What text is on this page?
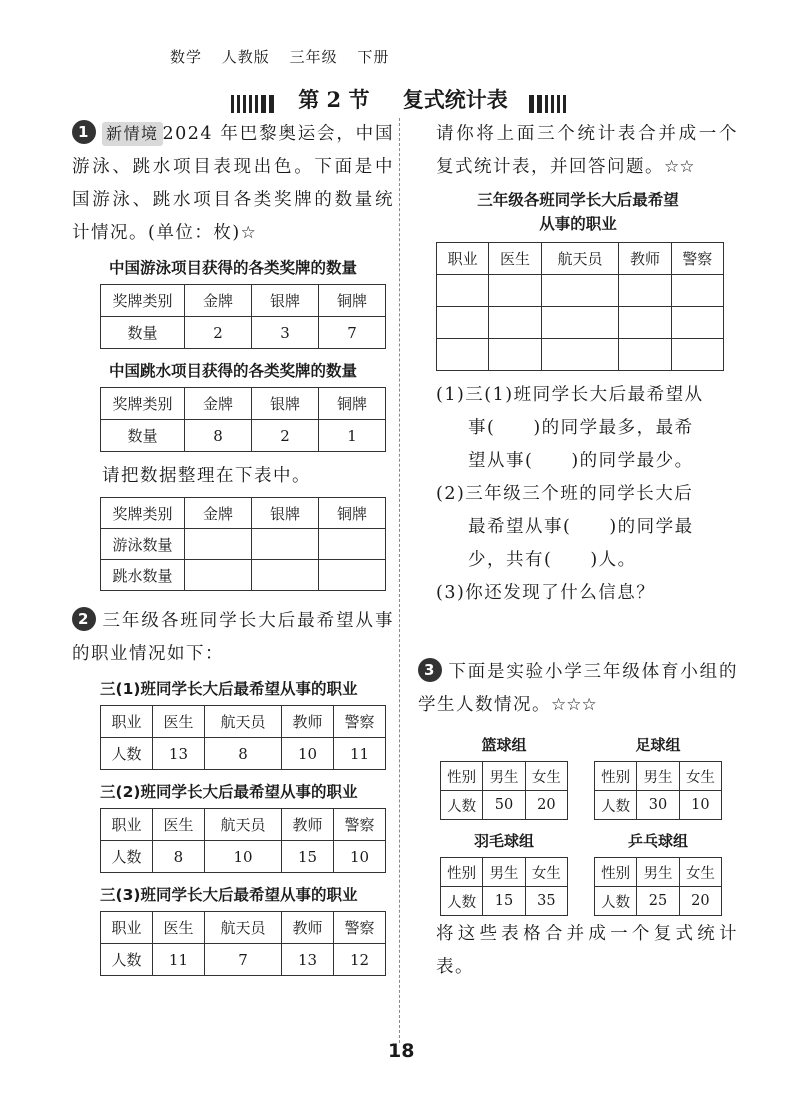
数学 人教版 三年级 下册
第 2 节 复式统计表
1 新情境 2024 年巴黎奥运会，中国游泳、跳水项目表现出色。下面是中国游泳、跳水项目各类奖牌的数量统计情况。(单位：枚)☆
中国游泳项目获得的各类奖牌的数量
奖牌类别	金牌	银牌	铜牌
数量	2	3	7
中国跳水项目获得的各类奖牌的数量
奖牌类别	金牌	银牌	铜牌
数量	8	2	1
请把数据整理在下表中。
奖牌类别	金牌	银牌	铜牌
游泳数量			
跳水数量			
2 三年级各班同学长大后最希望从事的职业情况如下：
三(1)班同学长大后最希望从事的职业
职业	医生	航天员	教师	警察
人数	13	8	10	11
三(2)班同学长大后最希望从事的职业
职业	医生	航天员	教师	警察
人数	8	10	15	10
三(3)班同学长大后最希望从事的职业
职业	医生	航天员	教师	警察
人数	11	7	13	12
请你将上面三个统计表合并成一个复式统计表，并回答问题。☆☆
三年级各班同学长大后最希望
从事的职业
职业	医生	航天员	教师	警察

(1)三(1)班同学长大后最希望从
事(　　)的同学最多，最希
望从事(　　)的同学最少。
(2)三年级三个班的同学长大后
最希望从事(　　)的同学最
少，共有(　　)人。
(3)你还发现了什么信息？
3 下面是实验小学三年级体育小组的学生人数情况。☆☆☆
篮球组
性别	男生	女生
人数	50	20
足球组
性别	男生	女生
人数	30	10
羽毛球组
性别	男生	女生
人数	15	35
乒乓球组
性别	男生	女生
人数	25	20
将这些表格合并成一个复式统计表。
18
